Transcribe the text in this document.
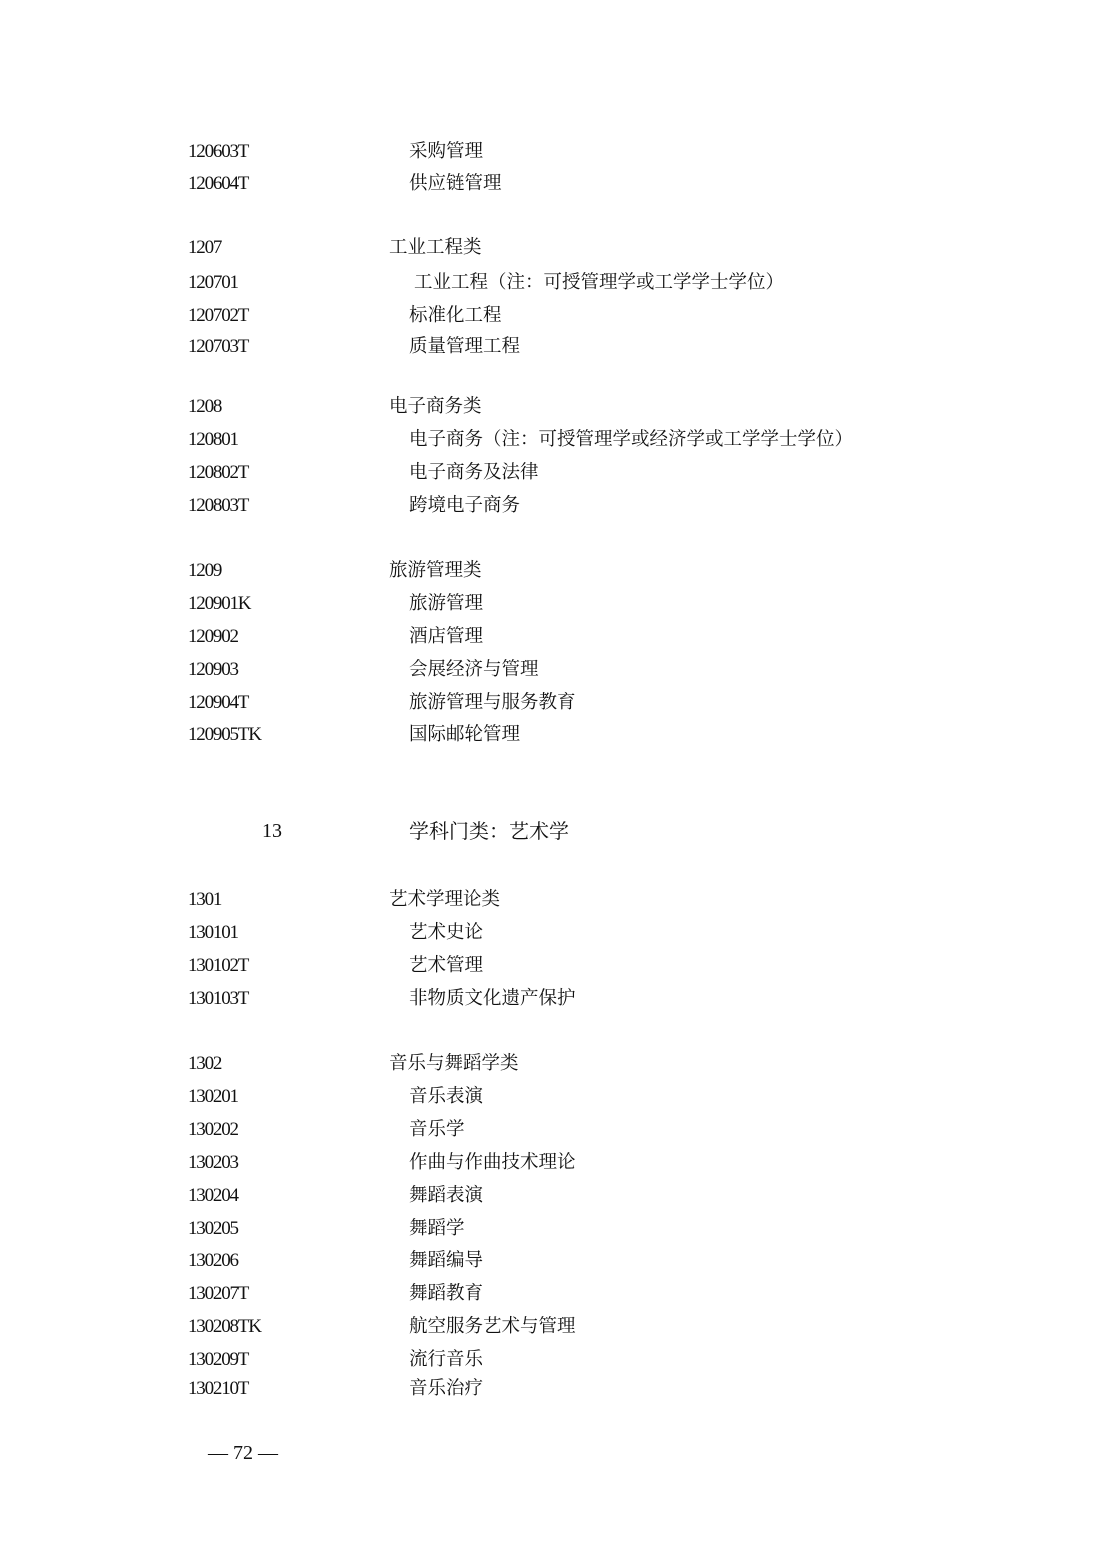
120603T	采购管理
120604T	供应链管理
1207	工业工程类
120701	工业工程（注：可授管理学或工学学士学位）
120702T	标准化工程
120703T	质量管理工程
1208	电子商务类
120801	电子商务（注：可授管理学或经济学或工学学士学位）
120802T	电子商务及法律
120803T	跨境电子商务
1209	旅游管理类
120901K	旅游管理
120902	酒店管理
120903	会展经济与管理
120904T	旅游管理与服务教育
120905TK	国际邮轮管理
13	学科门类：艺术学
1301	艺术学理论类
130101	艺术史论
130102T	艺术管理
130103T	非物质文化遗产保护
1302	音乐与舞蹈学类
130201	音乐表演
130202	音乐学
130203	作曲与作曲技术理论
130204	舞蹈表演
130205	舞蹈学
130206	舞蹈编导
130207T	舞蹈教育
130208TK	航空服务艺术与管理
130209T	流行音乐
130210T	音乐治疗
— 72 —
